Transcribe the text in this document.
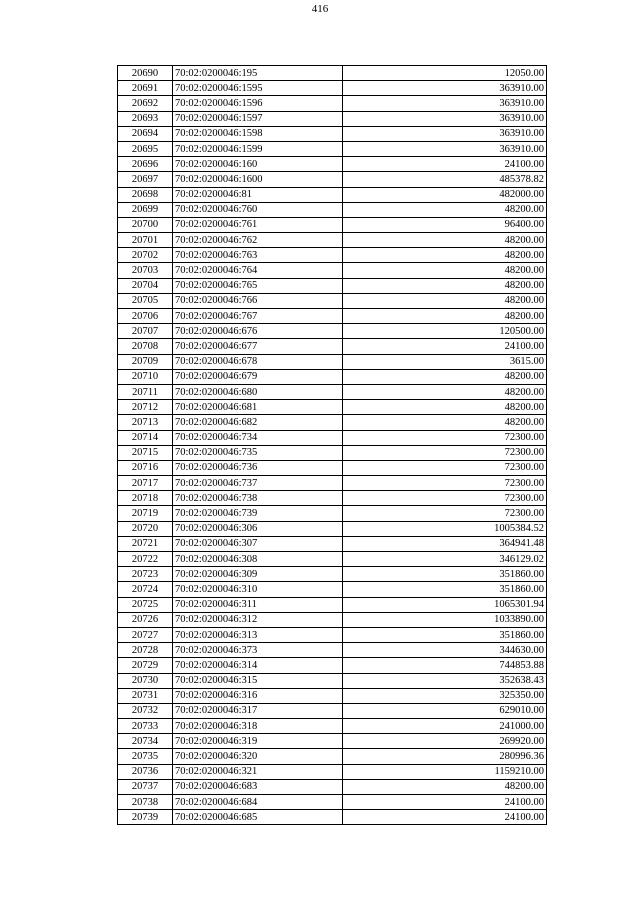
416
20690	70:02:0200046:195	12050.00
20691	70:02:0200046:1595	363910.00
20692	70:02:0200046:1596	363910.00
20693	70:02:0200046:1597	363910.00
20694	70:02:0200046:1598	363910.00
20695	70:02:0200046:1599	363910.00
20696	70:02:0200046:160	24100.00
20697	70:02:0200046:1600	485378.82
20698	70:02:0200046:81	482000.00
20699	70:02:0200046:760	48200.00
20700	70:02:0200046:761	96400.00
20701	70:02:0200046:762	48200.00
20702	70:02:0200046:763	48200.00
20703	70:02:0200046:764	48200.00
20704	70:02:0200046:765	48200.00
20705	70:02:0200046:766	48200.00
20706	70:02:0200046:767	48200.00
20707	70:02:0200046:676	120500.00
20708	70:02:0200046:677	24100.00
20709	70:02:0200046:678	3615.00
20710	70:02:0200046:679	48200.00
20711	70:02:0200046:680	48200.00
20712	70:02:0200046:681	48200.00
20713	70:02:0200046:682	48200.00
20714	70:02:0200046:734	72300.00
20715	70:02:0200046:735	72300.00
20716	70:02:0200046:736	72300.00
20717	70:02:0200046:737	72300.00
20718	70:02:0200046:738	72300.00
20719	70:02:0200046:739	72300.00
20720	70:02:0200046:306	1005384.52
20721	70:02:0200046:307	364941.48
20722	70:02:0200046:308	346129.02
20723	70:02:0200046:309	351860.00
20724	70:02:0200046:310	351860.00
20725	70:02:0200046:311	1065301.94
20726	70:02:0200046:312	1033890.00
20727	70:02:0200046:313	351860.00
20728	70:02:0200046:373	344630.00
20729	70:02:0200046:314	744853.88
20730	70:02:0200046:315	352638.43
20731	70:02:0200046:316	325350.00
20732	70:02:0200046:317	629010.00
20733	70:02:0200046:318	241000.00
20734	70:02:0200046:319	269920.00
20735	70:02:0200046:320	280996.36
20736	70:02:0200046:321	1159210.00
20737	70:02:0200046:683	48200.00
20738	70:02:0200046:684	24100.00
20739	70:02:0200046:685	24100.00
